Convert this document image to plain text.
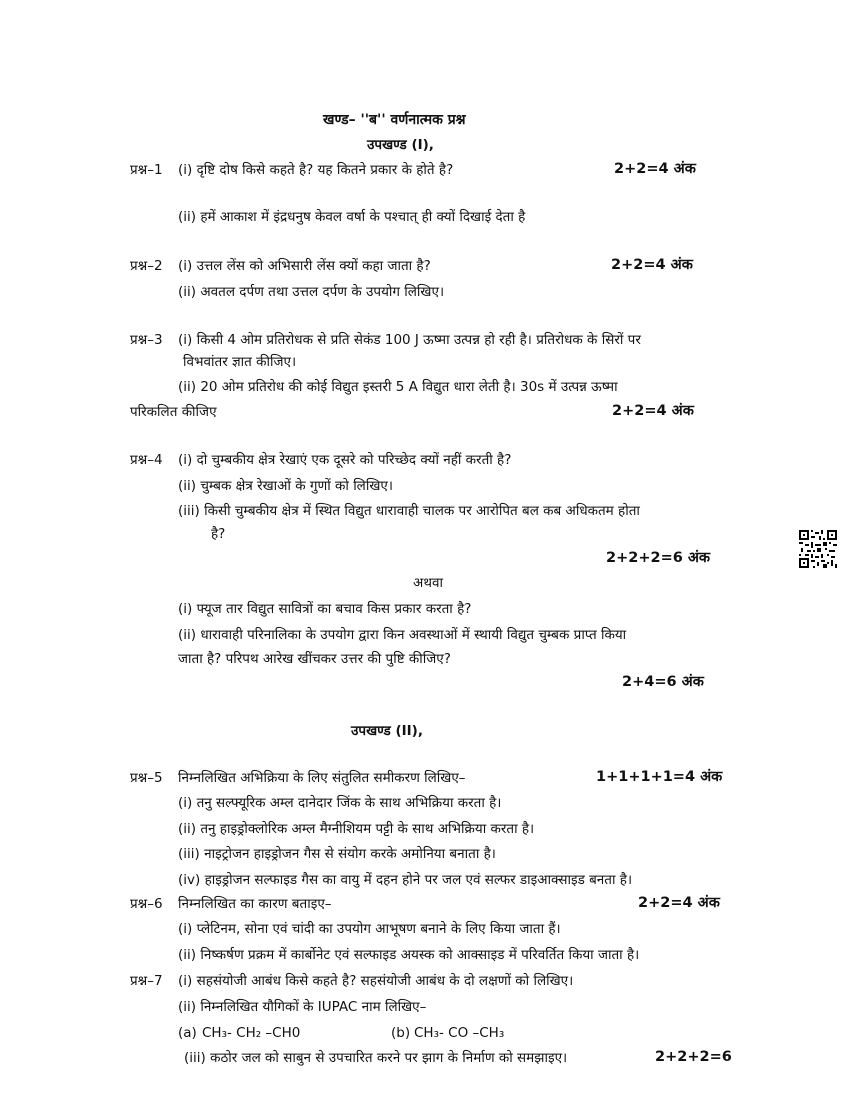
खण्ड– ''ब'' वर्णनात्मक प्रश्न
उपखण्ड (I),
प्रश्न–1 (i) दृष्टि दोष किसे कहते है? यह कितने प्रकार के होते है?	2+2=4 अंक
(ii) हमें आकाश में इंद्रधनुष केवल वर्षा के पश्चात् ही क्यों दिखाई देता है
प्रश्न–2 (i) उत्तल लेंस को अभिसारी लेंस क्यों कहा जाता है?	2+2=4 अंक
(ii) अवतल दर्पण तथा उत्तल दर्पण के उपयोग लिखिए।
प्रश्न–3 (i) किसी 4 ओम प्रतिरोधक से प्रति सेकंड 100 J ऊष्मा उत्पन्न हो रही है। प्रतिरोधक के सिरों पर
विभवांतर ज्ञात कीजिए।
(ii) 20 ओम प्रतिरोध की कोई विद्युत इस्तरी 5 A विद्युत धारा लेती है। 30s में उत्पन्न ऊष्मा
परिकलित कीजिए	2+2=4 अंक
प्रश्न–4 (i) दो चुम्बकीय क्षेत्र रेखाएं एक दूसरे को परिच्छेद क्यों नहीं करती है?
(ii) चुम्बक क्षेत्र रेखाओं के गुणों को लिखिए।
(iii) किसी चुम्बकीय क्षेत्र में स्थित विद्युत धारावाही चालक पर आरोपित बल कब अधिकतम होता
है?
2+2+2=6 अंक
अथवा
(i) फ्यूज तार विद्युत सावित्रों का बचाव किस प्रकार करता है?
(ii) धारावाही परिनालिका के उपयोग द्वारा किन अवस्थाओं में स्थायी विद्युत चुम्बक प्राप्त किया
जाता है? परिपथ आरेख खींचकर उत्तर की पुष्टि कीजिए?
2+4=6 अंक
उपखण्ड (II),
प्रश्न–5 निम्नलिखित अभिक्रिया के लिए संतुलित समीकरण लिखिए–	1+1+1+1=4 अंक
(i) तनु सल्फ्यूरिक अम्ल दानेदार जिंक के साथ अभिक्रिया करता है।
(ii) तनु हाइड्रोक्लोरिक अम्ल मैग्नीशियम पट्टी के साथ अभिक्रिया करता है।
(iii) नाइट्रोजन हाइड्रोजन गैस से संयोग करके अमोनिया बनाता है।
(iv) हाइड्रोजन सल्फाइड गैस का वायु में दहन होने पर जल एवं सल्फर डाइआक्साइड बनता है।
प्रश्न–6 निम्नलिखित का कारण बताइए–	2+2=4 अंक
(i) प्लेटिनम, सोना एवं चांदी का उपयोग आभूषण बनाने के लिए किया जाता हैं।
(ii) निष्कर्षण प्रक्रम में कार्बोनेट एवं सल्फाइड अयस्क को आक्साइड में परिवर्तित किया जाता है।
प्रश्न–7 (i) सहसंयोजी आबंध किसे कहते है? सहसंयोजी आबंध के दो लक्षणों को लिखिए।
(ii) निम्नलिखित यौगिकों के IUPAC नाम लिखिए–
(a) CH₃- CH₂ –CH0	(b) CH₃- CO –CH₃
(iii) कठोर जल को साबुन से उपचारित करने पर झाग के निर्माण को समझाइए।	2+2+2=6
